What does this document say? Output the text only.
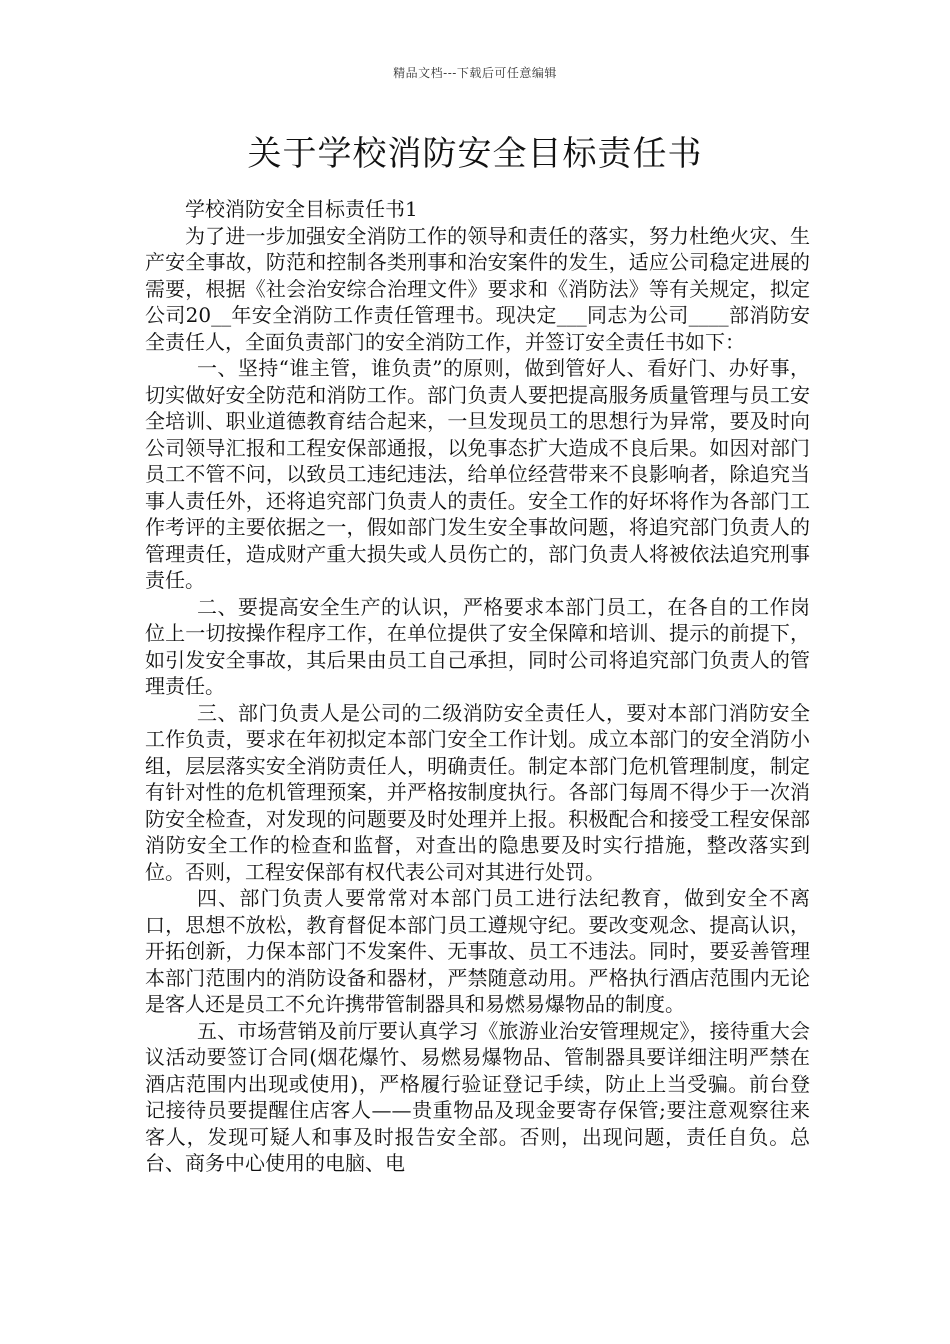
精品文档---下载后可任意编辑
关于学校消防安全目标责任书

学校消防安全目标责任书1

为了进一步加强安全消防工作的领导和责任的落实，努力杜绝火灾、生产安全事故，防范和控制各类刑事和治安案件的发生，适应公司稳定进展的需要，根据《社会治安综合治理文件》要求和《消防法》等有关规定，拟定公司20__年安全消防工作责任管理书。现决定___同志为公司____部消防安全责任人，全面负责部门的安全消防工作，并签订安全责任书如下：

一、坚持“谁主管，谁负责”的原则，做到管好人、看好门、办好事，切实做好安全防范和消防工作。部门负责人要把提高服务质量管理与员工安全培训、职业道德教育结合起来，一旦发现员工的思想行为异常，要及时向公司领导汇报和工程安保部通报，以免事态扩大造成不良后果。如因对部门员工不管不问，以致员工违纪违法，给单位经营带来不良影响者，除追究当事人责任外，还将追究部门负责人的责任。安全工作的好坏将作为各部门工作考评的主要依据之一，假如部门发生安全事故问题，将追究部门负责人的管理责任，造成财产重大损失或人员伤亡的，部门负责人将被依法追究刑事责任。

二、要提高安全生产的认识，严格要求本部门员工，在各自的工作岗位上一切按操作程序工作，在单位提供了安全保障和培训、提示的前提下，如引发安全事故，其后果由员工自己承担，同时公司将追究部门负责人的管理责任。

三、部门负责人是公司的二级消防安全责任人，要对本部门消防安全工作负责，要求在年初拟定本部门安全工作计划。成立本部门的安全消防小组，层层落实安全消防责任人，明确责任。制定本部门危机管理制度，制定有针对性的危机管理预案，并严格按制度执行。各部门每周不得少于一次消防安全检查，对发现的问题要及时处理并上报。积极配合和接受工程安保部消防安全工作的检查和监督，对查出的隐患要及时实行措施，整改落实到位。否则，工程安保部有权代表公司对其进行处罚。

四、部门负责人要常常对本部门员工进行法纪教育，做到安全不离口，思想不放松，教育督促本部门员工遵规守纪。要改变观念、提高认识，开拓创新，力保本部门不发案件、无事故、员工不违法。同时，要妥善管理本部门范围内的消防设备和器材，严禁随意动用。严格执行酒店范围内无论是客人还是员工不允许携带管制器具和易燃易爆物品的制度。

五、市场营销及前厅要认真学习《旅游业治安管理规定》，接待重大会议活动要签订合同(烟花爆竹、易燃易爆物品、管制器具要详细注明严禁在酒店范围内出现或使用)，严格履行验证登记手续，防止上当受骗。前台登记接待员要提醒住店客人——贵重物品及现金要寄存保管;要注意观察往来客人，发现可疑人和事及时报告安全部。否则，出现问题，责任自负。总台、商务中心使用的电脑、电
